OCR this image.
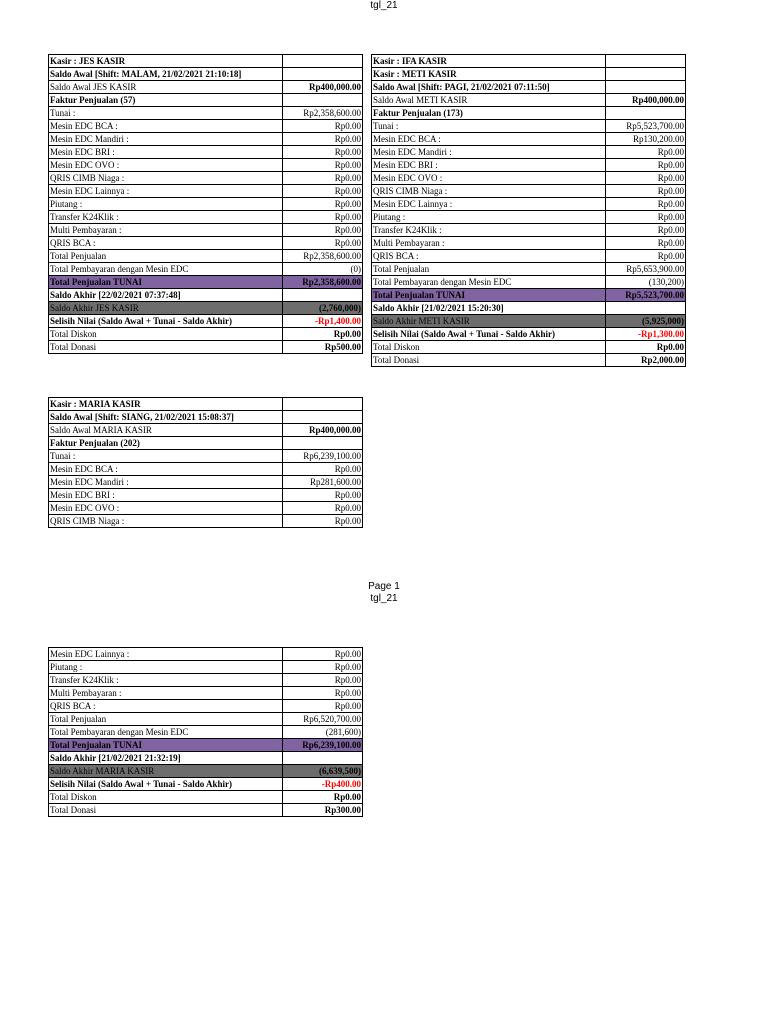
tgl_21
Kasir : JES KASIR	
Saldo Awal [Shift: MALAM, 21/02/2021 21:10:18]	
Saldo Awal JES KASIR	Rp400,000.00
Faktur Penjualan (57)	
Tunai :	Rp2,358,600.00
Mesin EDC BCA :	Rp0.00
Mesin EDC Mandiri :	Rp0.00
Mesin EDC BRI :	Rp0.00
Mesin EDC OVO :	Rp0.00
QRIS CIMB Niaga :	Rp0.00
Mesin EDC Lainnya :	Rp0.00
Piutang :	Rp0.00
Transfer K24Klik :	Rp0.00
Multi Pembayaran :	Rp0.00
QRIS BCA :	Rp0.00
Total Penjualan	Rp2,358,600.00
Total Pembayaran dengan Mesin EDC	(0)
Total Penjualan TUNAI	Rp2,358,600.00
Saldo Akhir [22/02/2021 07:37:48]	
Saldo Akhir JES KASIR	(2,760,000)
Selisih Nilai (Saldo Awal + Tunai - Saldo Akhir)	-Rp1,400.00
Total Diskon	Rp0.00
Total Donasi	Rp500.00
Kasir : IFA KASIR	
Kasir : METI KASIR	
Saldo Awal [Shift: PAGI, 21/02/2021 07:11:50]	
Saldo Awal METI KASIR	Rp400,000.00
Faktur Penjualan (173)	
Tunai :	Rp5,523,700.00
Mesin EDC BCA :	Rp130,200.00
Mesin EDC Mandiri :	Rp0.00
Mesin EDC BRI :	Rp0.00
Mesin EDC OVO :	Rp0.00
QRIS CIMB Niaga :	Rp0.00
Mesin EDC Lainnya :	Rp0.00
Piutang :	Rp0.00
Transfer K24Klik :	Rp0.00
Multi Pembayaran :	Rp0.00
QRIS BCA :	Rp0.00
Total Penjualan	Rp5,653,900.00
Total Pembayaran dengan Mesin EDC	(130,200)
Total Penjualan TUNAI	Rp5,523,700.00
Saldo Akhir [21/02/2021 15:20:30]	
Saldo Akhir METI KASIR	(5,925,000)
Selisih Nilai (Saldo Awal + Tunai - Saldo Akhir)	-Rp1,300.00
Total Diskon	Rp0.00
Total Donasi	Rp2,000.00
Kasir : MARIA KASIR	
Saldo Awal [Shift: SIANG, 21/02/2021 15:08:37]	
Saldo Awal MARIA KASIR	Rp400,000.00
Faktur Penjualan (202)	
Tunai :	Rp6,239,100.00
Mesin EDC BCA :	Rp0.00
Mesin EDC Mandiri :	Rp281,600.00
Mesin EDC BRI :	Rp0.00
Mesin EDC OVO :	Rp0.00
QRIS CIMB Niaga :	Rp0.00
Page 1
tgl_21
Mesin EDC Lainnya :	Rp0.00
Piutang :	Rp0.00
Transfer K24Klik :	Rp0.00
Multi Pembayaran :	Rp0.00
QRIS BCA :	Rp0.00
Total Penjualan	Rp6,520,700.00
Total Pembayaran dengan Mesin EDC	(281,600)
Total Penjualan TUNAI	Rp6,239,100.00
Saldo Akhir [21/02/2021 21:32:19]	
Saldo Akhir MARIA KASIR	(6,639,500)
Selisih Nilai (Saldo Awal + Tunai - Saldo Akhir)	-Rp400.00
Total Diskon	Rp0.00
Total Donasi	Rp300.00
